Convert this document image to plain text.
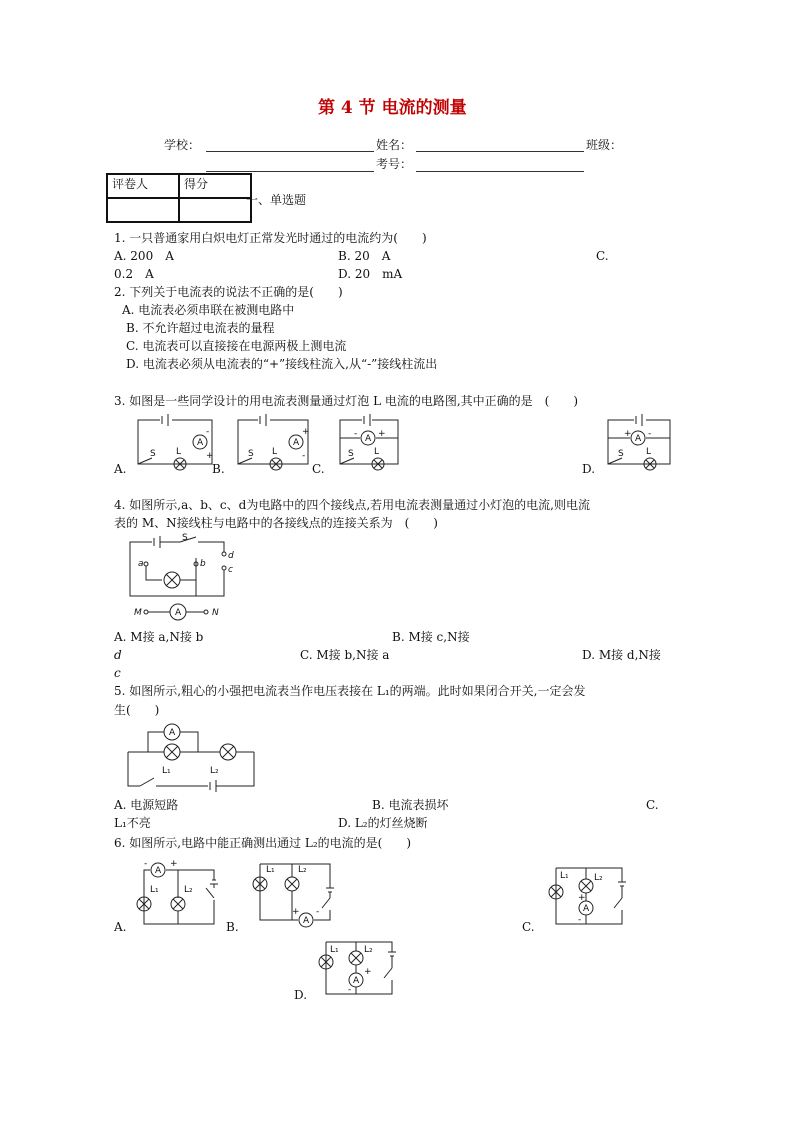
第 4 节 电流的测量
学校：	姓名：	班级：
考号：
评卷人	得分

一、单选题
1. 一只普通家用白炽电灯正常发光时通过的电流约为(　　)
A. 200　A	B. 20　A	C.
0.2　A	D. 20　mA
2. 下列关于电流表的说法不正确的是(　　)
A. 电流表必须串联在被测电路中
B. 不允许超过电流表的量程
C. 电流表可以直接接在电源两极上测电流
D. 电流表必须从电流表的“+”接线柱流入,从“-”接线柱流出
3. 如图是一些同学设计的用电流表测量通过灯泡 L 电流的电路图,其中正确的是　(　　)
A
-
+
S L
A.
A
+
-
S L
B.
A
- +
S L
C.
A
+ -
S L
D.
4. 如图所示,a、b、c、d为电路中的四个接线点,若用电流表测量通过小灯泡的电流,则电流
表的 M、N接线柱与电路中的各接线点的连接关系为　(　　)
a	b
c
d
S
A
M	N
A. M接 a,N接 b	B. M接 c,N接
d	C. M接 b,N接 a	D. M接 d,N接
c
5. 如图所示,粗心的小强把电流表当作电压表接在 L₁的两端。此时如果闭合开关,一定会发
生(　　)
A
L₁	L₂
A. 电源短路	B. 电流表损坏	C.
L₁不亮	D. L₂的灯丝烧断
6. 如图所示,电路中能正确测出通过 L₂的电流的是(　　)
A
-	+
L₁	L₂
A.	A
+ -
L₁	L₂
B.
A
+
-
L₁	L₂
C.
A
+
-
L₁	L₂
D.
